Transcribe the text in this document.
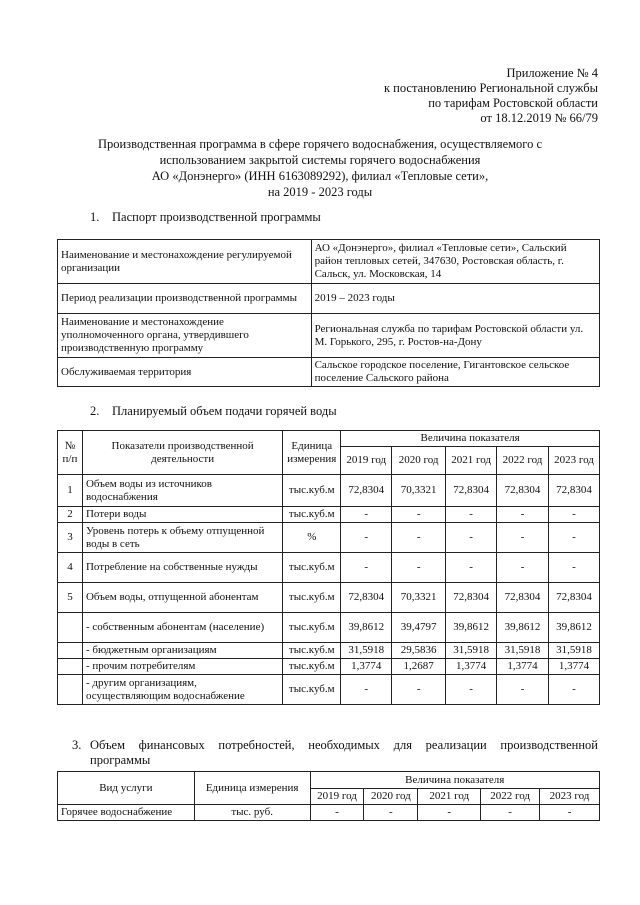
Приложение № 4
к постановлению Региональной службы
по тарифам Ростовской области
от 18.12.2019 № 66/79
Производственная программа в сфере горячего водоснабжения, осуществляемого с
использованием закрытой системы горячего водоснабжения
АО «Донэнерго» (ИНН 6163089292), филиал «Тепловые сети»,
на 2019 - 2023 годы
1. Паспорт производственной программы
Наименование и местонахождение регулируемой организации	АО «Донэнерго», филиал «Тепловые сети», Сальский район тепловых сетей, 347630, Ростовская область, г. Сальск, ул. Московская, 14
Период реализации производственной программы	2019 – 2023 годы
Наименование и местонахождение уполномоченного органа, утвердившего производственную программу	Региональная служба по тарифам Ростовской области ул. М. Горького, 295, г. Ростов-на-Дону
Обслуживаемая территория	Сальское городское поселение, Гигантовское сельское поселение Сальского района
2. Планируемый объем подачи горячей воды
№ п/п	Показатели производственной деятельности	Единица измерения	Величина показателя				
			2019 год	2020 год	2021 год	2022 год	2023 год
1	Объем воды из источников водоснабжения	тыс.куб.м	72,8304	70,3321	72,8304	72,8304	72,8304
2	Потери воды	тыс.куб.м	-	-	-	-	-
3	Уровень потерь к объему отпущенной воды в сеть	%	-	-	-	-	-
4	Потребление на собственные нужды	тыс.куб.м	-	-	-	-	-
5	Объем воды, отпущенной абонентам	тыс.куб.м	72,8304	70,3321	72,8304	72,8304	72,8304
	- собственным абонентам (население)	тыс.куб.м	39,8612	39,4797	39,8612	39,8612	39,8612
	- бюджетным организациям	тыс.куб.м	31,5918	29,5836	31,5918	31,5918	31,5918
	- прочим потребителям	тыс.куб.м	1,3774	1,2687	1,3774	1,3774	1,3774
	- другим организациям, осуществляющим водоснабжение	тыс.куб.м	-	-	-	-	-
3. Объем финансовых потребностей, необходимых для реализации производственной программы
Вид услуги	Единица измерения	Величина показателя				
		2019 год	2020 год	2021 год	2022 год	2023 год
Горячее водоснабжение	тыс. руб.	-	-	-	-	-
